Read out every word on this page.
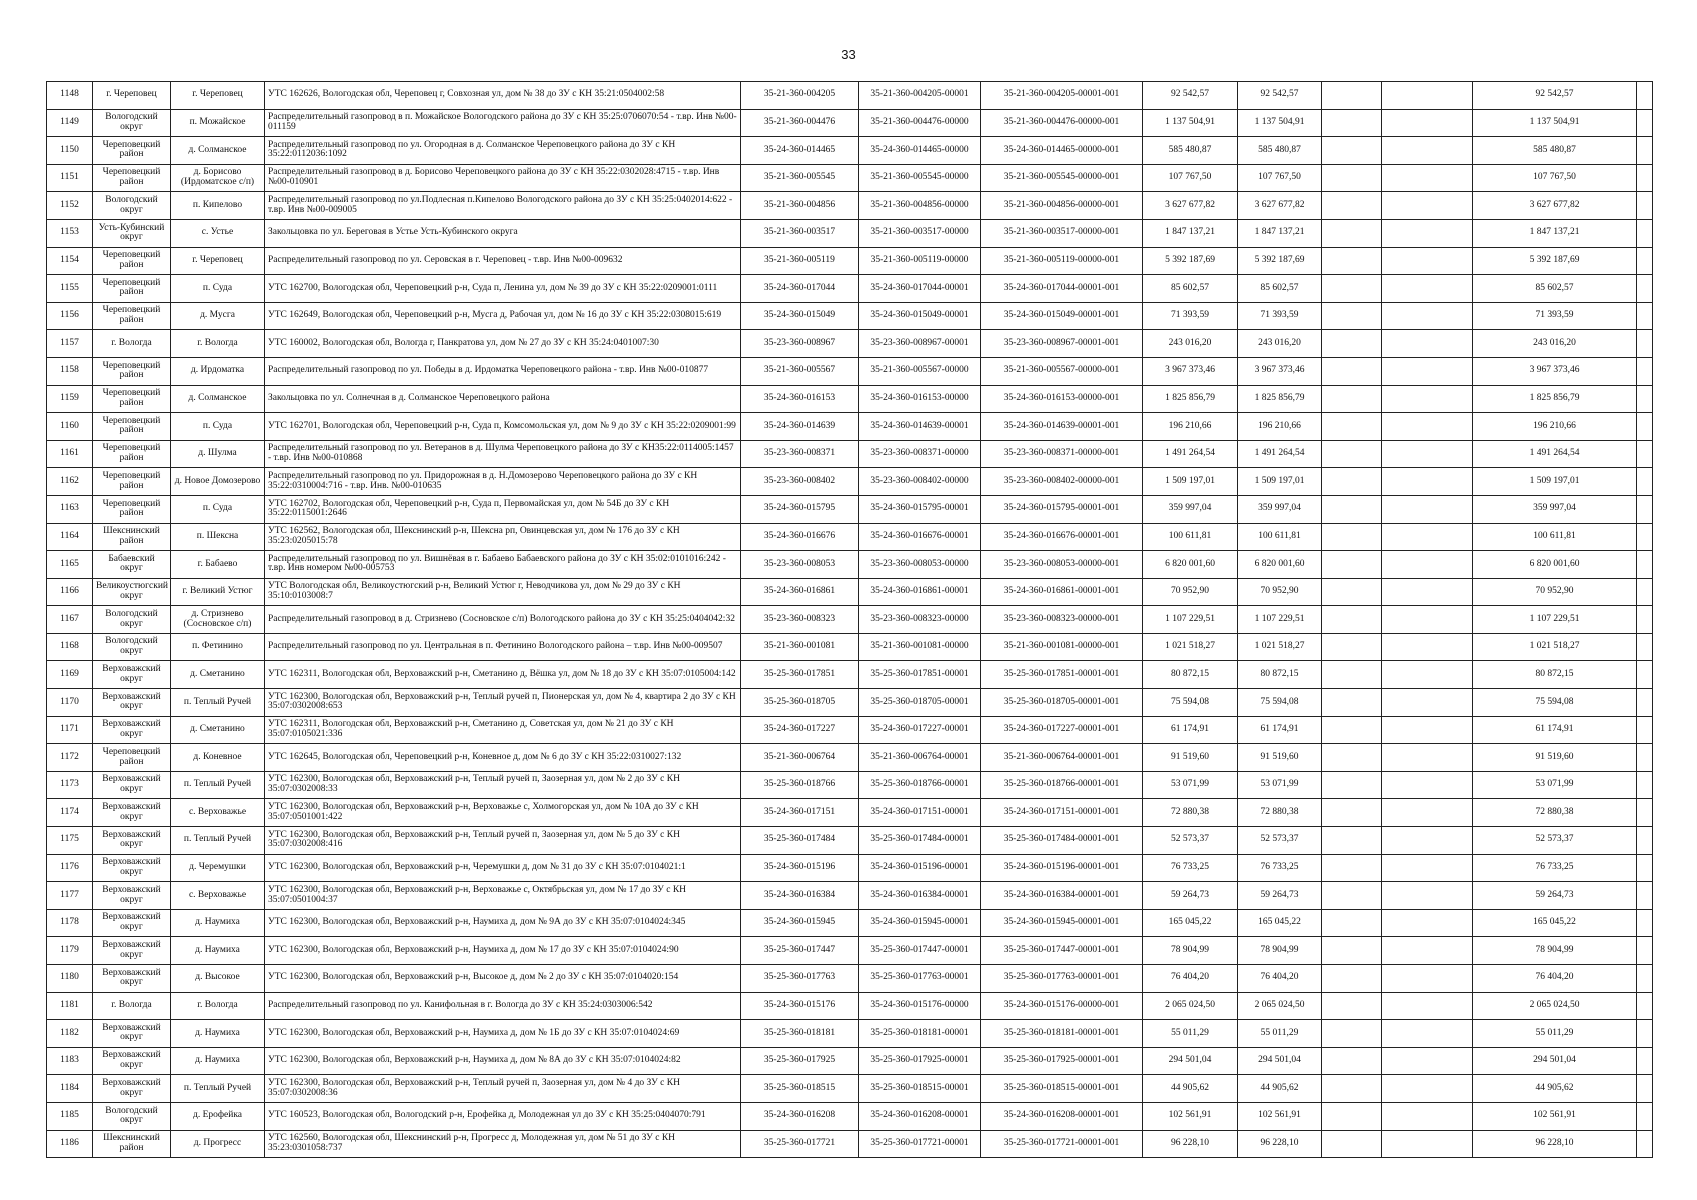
33
1148	г. Череповец	г. Череповец	УТС 162626, Вологодская обл, Череповец г, Совхозная ул, дом № 38 до ЗУ с КН 35:21:0504002:58	35-21-360-004205	35-21-360-004205-00001	35-21-360-004205-00001-001	92 542,57	92 542,57			92 542,57	
1149	Вологодский округ	п. Можайское	Распределительный газопровод в п. Можайское Вологодского района до ЗУ с КН 35:25:0706070:54 - т.вр. Инв №00-011159	35-21-360-004476	35-21-360-004476-00000	35-21-360-004476-00000-001	1 137 504,91	1 137 504,91			1 137 504,91	
1150	Череповецкий район	д. Солманское	Распределительный газопровод по ул. Огородная в д. Солманское Череповецкого района до ЗУ с КН 35:22:0112036:1092	35-24-360-014465	35-24-360-014465-00000	35-24-360-014465-00000-001	585 480,87	585 480,87			585 480,87	
1151	Череповецкий район	д. Борисово (Ирдоматское с/п)	Распределительный газопровод в д. Борисово Череповецкого района до ЗУ с КН 35:22:0302028:4715 - т.вр. Инв №00-010901	35-21-360-005545	35-21-360-005545-00000	35-21-360-005545-00000-001	107 767,50	107 767,50			107 767,50	
1152	Вологодский округ	п. Кипелово	Распределительный газопровод по ул.Подлесная п.Кипелово Вологодского района до ЗУ с КН 35:25:0402014:622 - т.вр. Инв №00-009005	35-21-360-004856	35-21-360-004856-00000	35-21-360-004856-00000-001	3 627 677,82	3 627 677,82			3 627 677,82	
1153	Усть-Кубинский округ	с. Устье	Закольцовка по ул. Береговая в Устье Усть-Кубинского округа	35-21-360-003517	35-21-360-003517-00000	35-21-360-003517-00000-001	1 847 137,21	1 847 137,21			1 847 137,21	
1154	Череповецкий район	г. Череповец	Распределительный газопровод по ул. Серовская в г. Череповец - т.вр. Инв №00-009632	35-21-360-005119	35-21-360-005119-00000	35-21-360-005119-00000-001	5 392 187,69	5 392 187,69			5 392 187,69	
1155	Череповецкий район	п. Суда	УТС 162700, Вологодская обл, Череповецкий р-н, Суда п, Ленина ул, дом № 39 до ЗУ с КН 35:22:0209001:0111	35-24-360-017044	35-24-360-017044-00001	35-24-360-017044-00001-001	85 602,57	85 602,57			85 602,57	
1156	Череповецкий район	д. Мусга	УТС 162649, Вологодская обл, Череповецкий р-н, Мусга д, Рабочая ул, дом № 16 до ЗУ с КН 35:22:0308015:619	35-24-360-015049	35-24-360-015049-00001	35-24-360-015049-00001-001	71 393,59	71 393,59			71 393,59	
1157	г. Вологда	г. Вологда	УТС 160002, Вологодская обл, Вологда г, Панкратова ул, дом № 27 до ЗУ с КН 35:24:0401007:30	35-23-360-008967	35-23-360-008967-00001	35-23-360-008967-00001-001	243 016,20	243 016,20			243 016,20	
1158	Череповецкий район	д. Ирдоматка	Распределительный газопровод по ул. Победы в д. Ирдоматка Череповецкого района - т.вр. Инв №00-010877	35-21-360-005567	35-21-360-005567-00000	35-21-360-005567-00000-001	3 967 373,46	3 967 373,46			3 967 373,46	
1159	Череповецкий район	д. Солманское	Закольцовка по ул. Солнечная в д. Солманское Череповецкого района	35-24-360-016153	35-24-360-016153-00000	35-24-360-016153-00000-001	1 825 856,79	1 825 856,79			1 825 856,79	
1160	Череповецкий район	п. Суда	УТС 162701, Вологодская обл, Череповецкий р-н, Суда п, Комсомольская ул, дом № 9 до ЗУ с КН 35:22:0209001:99	35-24-360-014639	35-24-360-014639-00001	35-24-360-014639-00001-001	196 210,66	196 210,66			196 210,66	
1161	Череповецкий район	д. Шулма	Распределительный газопровод по ул. Ветеранов в д. Шулма Череповецкого района до ЗУ с КН35:22:0114005:1457 - т.вр. Инв №00-010868	35-23-360-008371	35-23-360-008371-00000	35-23-360-008371-00000-001	1 491 264,54	1 491 264,54			1 491 264,54	
1162	Череповецкий район	д. Новое Домозерово	Распределительный газопровод по ул. Придорожная в д. Н.Домозерово Череповецкого района до ЗУ с КН 35:22:0310004:716 - т.вр. Инв. №00-010635	35-23-360-008402	35-23-360-008402-00000	35-23-360-008402-00000-001	1 509 197,01	1 509 197,01			1 509 197,01	
1163	Череповецкий район	п. Суда	УТС 162702, Вологодская обл, Череповецкий р-н, Суда п, Первомайская ул, дом № 54Б до ЗУ с КН 35:22:0115001:2646	35-24-360-015795	35-24-360-015795-00001	35-24-360-015795-00001-001	359 997,04	359 997,04			359 997,04	
1164	Шекснинский район	п. Шексна	УТС 162562, Вологодская обл, Шекснинский р-н, Шексна рп, Овинцевская ул, дом № 176 до ЗУ с КН 35:23:0205015:78	35-24-360-016676	35-24-360-016676-00001	35-24-360-016676-00001-001	100 611,81	100 611,81			100 611,81	
1165	Бабаевский округ	г. Бабаево	Распределительный газопровод по ул. Вишнёвая в г. Бабаево Бабаевского района до ЗУ с КН 35:02:0101016:242 - т.вр. Инв номером №00-005753	35-23-360-008053	35-23-360-008053-00000	35-23-360-008053-00000-001	6 820 001,60	6 820 001,60			6 820 001,60	
1166	Великоустюгский округ	г. Великий Устюг	УТС Вологодская обл, Великоустюгский р-н, Великий Устюг г, Неводчикова ул, дом № 29 до ЗУ с КН 35:10:0103008:7	35-24-360-016861	35-24-360-016861-00001	35-24-360-016861-00001-001	70 952,90	70 952,90			70 952,90	
1167	Вологодский округ	д. Стризнево (Сосновское с/п)	Распределительный газопровод в д. Стризнево (Сосновское с/п) Вологодского района до ЗУ с КН 35:25:0404042:32	35-23-360-008323	35-23-360-008323-00000	35-23-360-008323-00000-001	1 107 229,51	1 107 229,51			1 107 229,51	
1168	Вологодский округ	п. Фетинино	Распределительный газопровод по ул. Центральная в п. Фетинино Вологодского района – т.вр. Инв №00-009507	35-21-360-001081	35-21-360-001081-00000	35-21-360-001081-00000-001	1 021 518,27	1 021 518,27			1 021 518,27	
1169	Верховажский округ	д. Сметанино	УТС 162311, Вологодская обл, Верховажский р-н, Сметанино д, Вёшка ул, дом № 18 до ЗУ с КН 35:07:0105004:142	35-25-360-017851	35-25-360-017851-00001	35-25-360-017851-00001-001	80 872,15	80 872,15			80 872,15	
1170	Верховажский округ	п. Теплый Ручей	УТС 162300, Вологодская обл, Верховажский р-н, Теплый ручей п, Пионерская ул, дом № 4, квартира 2 до ЗУ с КН 35:07:0302008:653	35-25-360-018705	35-25-360-018705-00001	35-25-360-018705-00001-001	75 594,08	75 594,08			75 594,08	
1171	Верховажский округ	д. Сметанино	УТС 162311, Вологодская обл, Верховажский р-н, Сметанино д, Советская ул, дом № 21 до ЗУ с КН 35:07:0105021:336	35-24-360-017227	35-24-360-017227-00001	35-24-360-017227-00001-001	61 174,91	61 174,91			61 174,91	
1172	Череповецкий район	д. Коневное	УТС 162645, Вологодская обл, Череповецкий р-н, Коневное д, дом № 6 до ЗУ с КН 35:22:0310027:132	35-21-360-006764	35-21-360-006764-00001	35-21-360-006764-00001-001	91 519,60	91 519,60			91 519,60	
1173	Верховажский округ	п. Теплый Ручей	УТС 162300, Вологодская обл, Верховажский р-н, Теплый ручей п, Заозерная ул, дом № 2 до ЗУ с КН 35:07:0302008:33	35-25-360-018766	35-25-360-018766-00001	35-25-360-018766-00001-001	53 071,99	53 071,99			53 071,99	
1174	Верховажский округ	с. Верховажье	УТС 162300, Вологодская обл, Верховажский р-н, Верховажье с, Холмогорская ул, дом № 10А до ЗУ с КН 35:07:0501001:422	35-24-360-017151	35-24-360-017151-00001	35-24-360-017151-00001-001	72 880,38	72 880,38			72 880,38	
1175	Верховажский округ	п. Теплый Ручей	УТС 162300, Вологодская обл, Верховажский р-н, Теплый ручей п, Заозерная ул, дом № 5 до ЗУ с КН 35:07:0302008:416	35-25-360-017484	35-25-360-017484-00001	35-25-360-017484-00001-001	52 573,37	52 573,37			52 573,37	
1176	Верховажский округ	д. Черемушки	УТС 162300, Вологодская обл, Верховажский р-н, Черемушки д, дом № 31 до ЗУ с КН 35:07:0104021:1	35-24-360-015196	35-24-360-015196-00001	35-24-360-015196-00001-001	76 733,25	76 733,25			76 733,25	
1177	Верховажский округ	с. Верховажье	УТС 162300, Вологодская обл, Верховажский р-н, Верховажье с, Октябрьская ул, дом № 17 до ЗУ с КН 35:07:0501004:37	35-24-360-016384	35-24-360-016384-00001	35-24-360-016384-00001-001	59 264,73	59 264,73			59 264,73	
1178	Верховажский округ	д. Наумиха	УТС 162300, Вологодская обл, Верховажский р-н, Наумиха д, дом № 9А до ЗУ с КН 35:07:0104024:345	35-24-360-015945	35-24-360-015945-00001	35-24-360-015945-00001-001	165 045,22	165 045,22			165 045,22	
1179	Верховажский округ	д. Наумиха	УТС 162300, Вологодская обл, Верховажский р-н, Наумиха д, дом № 17 до ЗУ с КН 35:07:0104024:90	35-25-360-017447	35-25-360-017447-00001	35-25-360-017447-00001-001	78 904,99	78 904,99			78 904,99	
1180	Верховажский округ	д. Высокое	УТС 162300, Вологодская обл, Верховажский р-н, Высокое д, дом № 2 до ЗУ с КН 35:07:0104020:154	35-25-360-017763	35-25-360-017763-00001	35-25-360-017763-00001-001	76 404,20	76 404,20			76 404,20	
1181	г. Вологда	г. Вологда	Распределительный газопровод по ул. Канифольная в г. Вологда до ЗУ с КН 35:24:0303006:542	35-24-360-015176	35-24-360-015176-00000	35-24-360-015176-00000-001	2 065 024,50	2 065 024,50			2 065 024,50	
1182	Верховажский округ	д. Наумиха	УТС 162300, Вологодская обл, Верховажский р-н, Наумиха д, дом № 1Б до ЗУ с КН 35:07:0104024:69	35-25-360-018181	35-25-360-018181-00001	35-25-360-018181-00001-001	55 011,29	55 011,29			55 011,29	
1183	Верховажский округ	д. Наумиха	УТС 162300, Вологодская обл, Верховажский р-н, Наумиха д, дом № 8А до ЗУ с КН 35:07:0104024:82	35-25-360-017925	35-25-360-017925-00001	35-25-360-017925-00001-001	294 501,04	294 501,04			294 501,04	
1184	Верховажский округ	п. Теплый Ручей	УТС 162300, Вологодская обл, Верховажский р-н, Теплый ручей п, Заозерная ул, дом № 4 до ЗУ с КН 35:07:0302008:36	35-25-360-018515	35-25-360-018515-00001	35-25-360-018515-00001-001	44 905,62	44 905,62			44 905,62	
1185	Вологодский округ	д. Ерофейка	УТС 160523, Вологодская обл, Вологодский р-н, Ерофейка д, Молодежная ул до ЗУ с КН 35:25:0404070:791	35-24-360-016208	35-24-360-016208-00001	35-24-360-016208-00001-001	102 561,91	102 561,91			102 561,91	
1186	Шекснинский район	д. Прогресс	УТС 162560, Вологодская обл, Шекснинский р-н, Прогресс д, Молодежная ул, дом № 51 до ЗУ с КН 35:23:0301058:737	35-25-360-017721	35-25-360-017721-00001	35-25-360-017721-00001-001	96 228,10	96 228,10			96 228,10	
